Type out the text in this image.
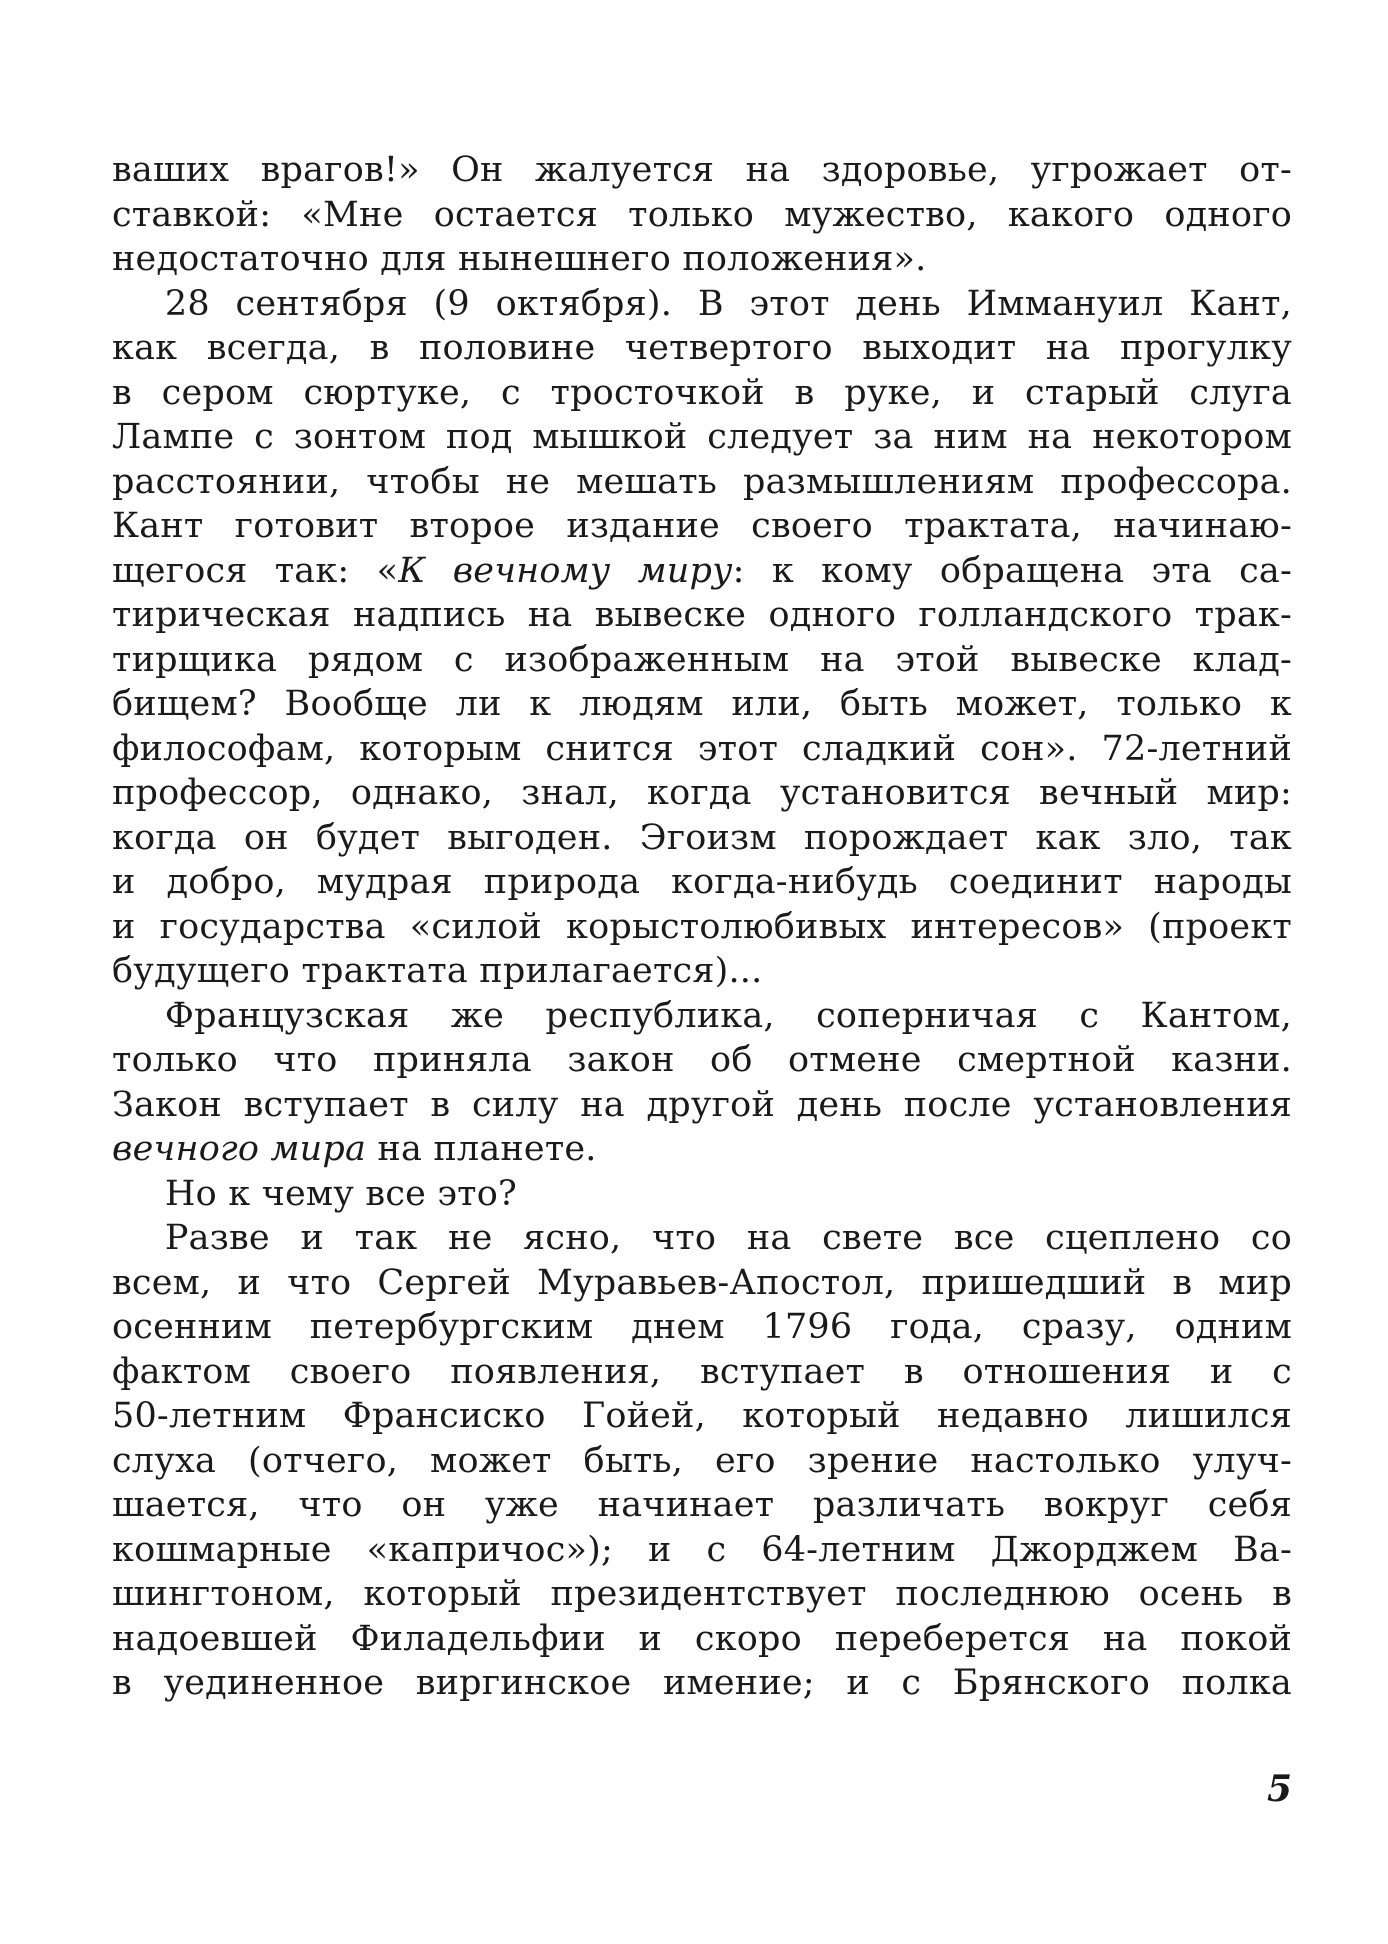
ваших врагов!» Он жалуется на здоровье, угрожает от-
ставкой: «Мне остается только мужество, какого одного
недостаточно для нынешнего положения».
  28 сентября (9 октября). В этот день Иммануил Кант,
как всегда, в половине четвертого выходит на прогулку
в сером сюртуке, с тросточкой в руке, и старый слуга
Лампе с зонтом под мышкой следует за ним на некотором
расстоянии, чтобы не мешать размышлениям профессора.
Кант готовит второе издание своего трактата, начинаю-
щегося так: «К вечному миру: к кому обращена эта са-
тирическая надпись на вывеске одного голландского трак-
тирщика рядом с изображенным на этой вывеске клад-
бищем? Вообще ли к людям или, быть может, только к
философам, которым снится этот сладкий сон». 72-летний
профессор, однако, знал, когда установится вечный мир:
когда он будет выгоден. Эгоизм порождает как зло, так
и добро, мудрая природа когда-нибудь соединит народы
и государства «силой корыстолюбивых интересов» (проект
будущего трактата прилагается)...
  Французская же республика, соперничая с Кантом,
только что приняла закон об отмене смертной казни.
Закон вступает в силу на другой день после установления
вечного мира на планете.
  Но к чему все это?
  Разве и так не ясно, что на свете все сцеплено со
всем, и что Сергей Муравьев-Апостол, пришедший в мир
осенним петербургским днем 1796 года, сразу, одним
фактом своего появления, вступает в отношения и с
50-летним Франсиско Гойей, который недавно лишился
слуха (отчего, может быть, его зрение настолько улуч-
шается, что он уже начинает различать вокруг себя
кошмарные «капричос»); и с 64-летним Джорджем Ва-
шингтоном, который президентствует последнюю осень в
надоевшей Филадельфии и скоро переберется на покой
в уединенное виргинское имение; и с Брянского полка
5
